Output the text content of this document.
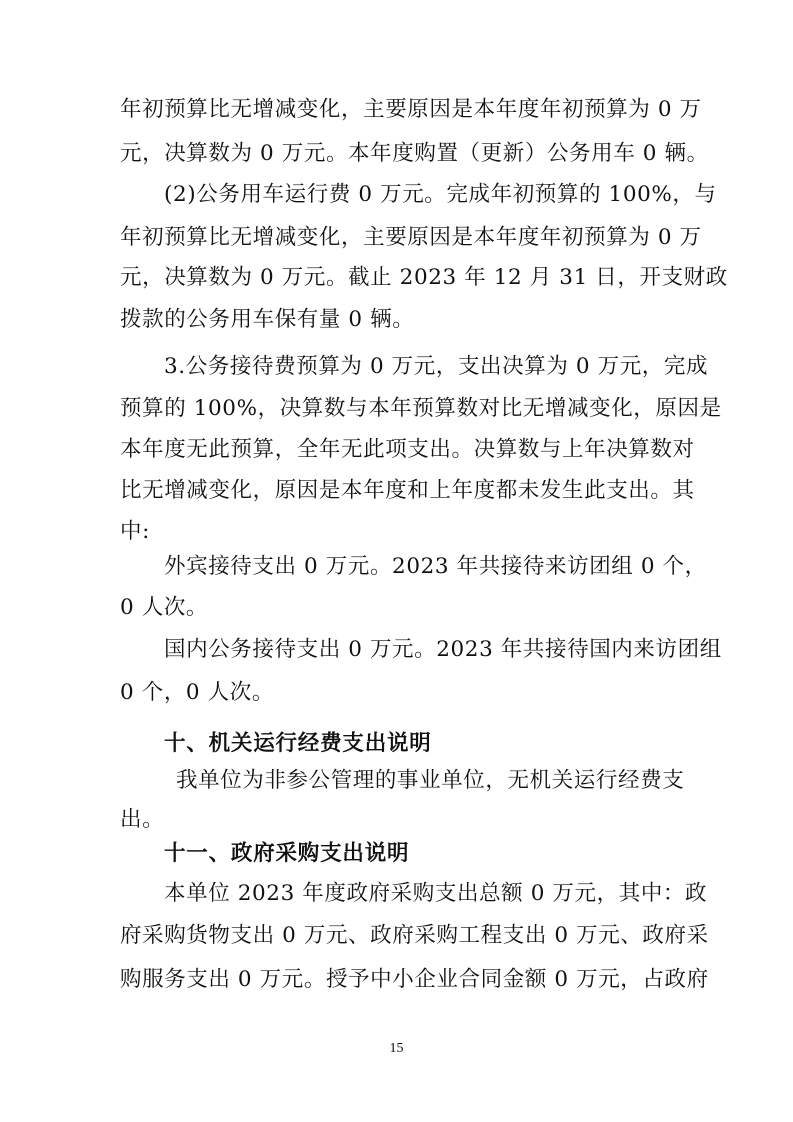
年初预算比无增减变化，主要原因是本年度年初预算为 0 万
元，决算数为 0 万元。本年度购置（更新）公务用车 0 辆。
(2)公务用车运行费 0 万元。完成年初预算的 100%，与
年初预算比无增减变化，主要原因是本年度年初预算为 0 万
元，决算数为 0 万元。截止 2023 年 12 月 31 日，开支财政
拨款的公务用车保有量 0 辆。
3.公务接待费预算为 0 万元，支出决算为 0 万元，完成
预算的 100%，决算数与本年预算数对比无增减变化，原因是
本年度无此预算，全年无此项支出。决算数与上年决算数对
比无增减变化，原因是本年度和上年度都未发生此支出。其
中:
外宾接待支出 0 万元。2023 年共接待来访团组 0 个，
0 人次。
国内公务接待支出 0 万元。2023 年共接待国内来访团组
0 个，0 人次。
十、机关运行经费支出说明
我单位为非参公管理的事业单位，无机关运行经费支
出。
十一、政府采购支出说明
本单位 2023 年度政府采购支出总额 0 万元，其中：政
府采购货物支出 0 万元、政府采购工程支出 0 万元、政府采
购服务支出 0 万元。授予中小企业合同金额 0 万元，占政府
15
